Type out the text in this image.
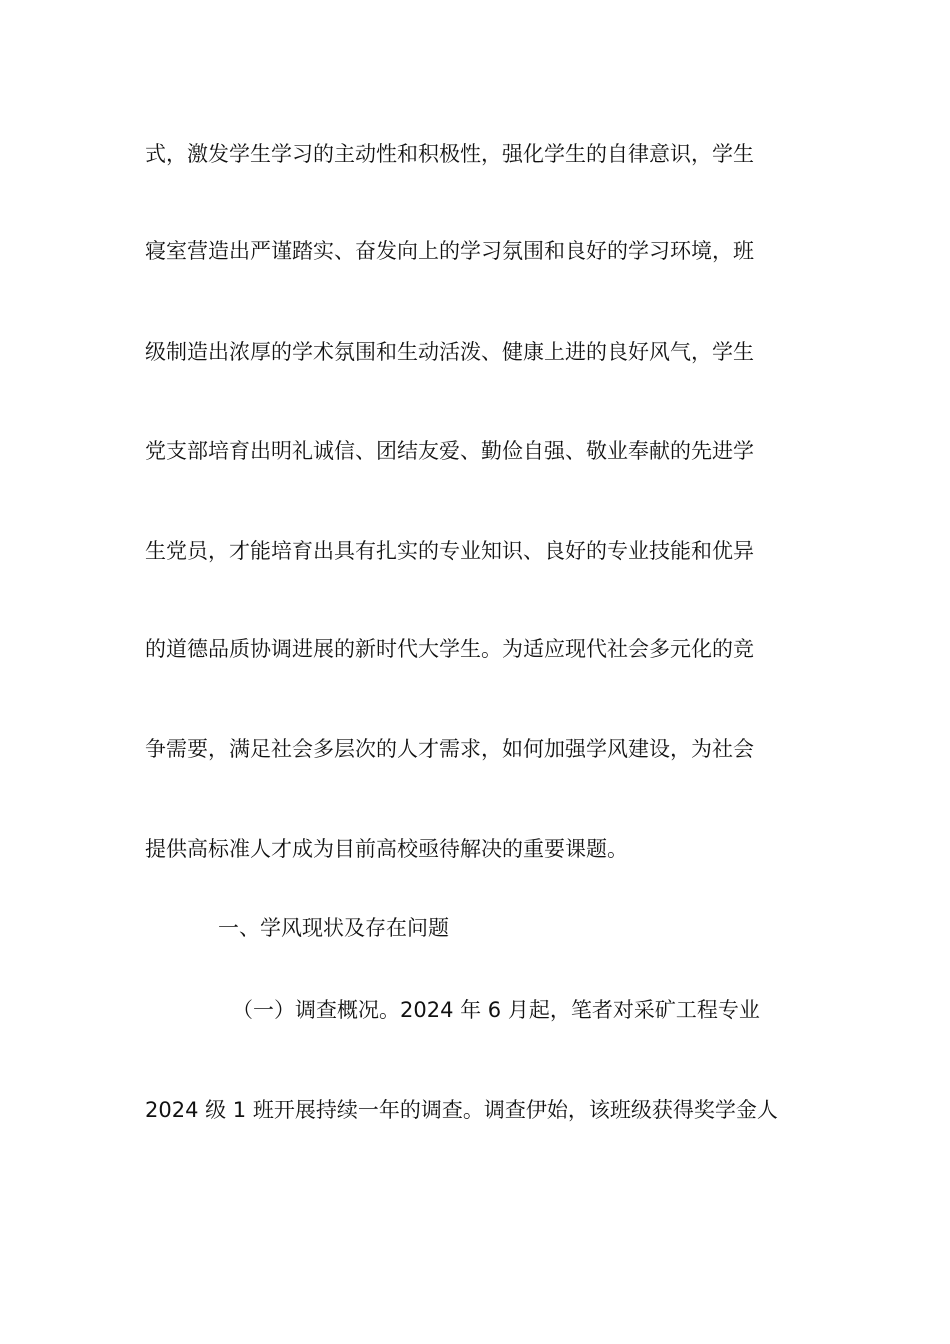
式，激发学生学习的主动性和积极性，强化学生的自律意识，学生
寝室营造出严谨踏实、奋发向上的学习氛围和良好的学习环境，班
级制造出浓厚的学术氛围和生动活泼、健康上进的良好风气，学生
党支部培育出明礼诚信、团结友爱、勤俭自强、敬业奉献的先进学
生党员，才能培育出具有扎实的专业知识、良好的专业技能和优异
的道德品质协调进展的新时代大学生。为适应现代社会多元化的竞
争需要，满足社会多层次的人才需求，如何加强学风建设，为社会
提供高标准人才成为目前高校亟待解决的重要课题。
一、学风现状及存在问题
（一）调查概况。2024 年 6 月起，笔者对采矿工程专业
2024 级 1 班开展持续一年的调查。调查伊始，该班级获得奖学金人
